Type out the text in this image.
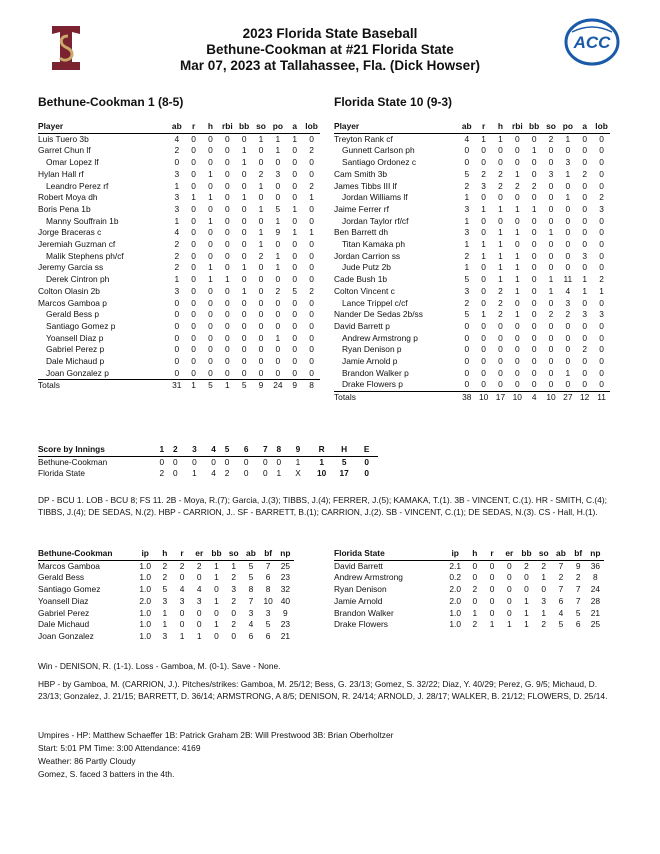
ACC
2023 Florida State Baseball
Bethune-Cookman at #21 Florida State
Mar 07, 2023 at Tallahassee, Fla. (Dick Howser)
Bethune-Cookman 1 (8-5)	Florida State 10 (9-3)
Player	ab	r	h	rbi	bb	so	po	a	lob
Luis Tuero 3b	4	0	0	0	0	1	1	1	0
Garret Chun lf	2	0	0	0	1	0	1	0	2
Omar Lopez lf	0	0	0	0	1	0	0	0	0
Hylan Hall rf	3	0	1	0	0	2	3	0	0
Leandro Perez rf	1	0	0	0	0	1	0	0	2
Robert Moya dh	3	1	1	0	1	0	0	0	1
Boris Pena 1b	3	0	0	0	0	1	5	1	0
Manny Souffrain 1b	1	0	1	0	0	0	1	0	0
Jorge Braceras c	4	0	0	0	0	1	9	1	1
Jeremiah Guzman cf	2	0	0	0	0	1	0	0	0
Malik Stephens ph/cf	2	0	0	0	0	2	1	0	0
Jeremy Garcia ss	2	0	1	0	1	0	1	0	0
Derek Cintron ph	1	0	1	1	0	0	0	0	0
Colton Olasin 2b	3	0	0	0	1	0	2	5	2
Marcos Gamboa p	0	0	0	0	0	0	0	0	0
Gerald Bess p	0	0	0	0	0	0	0	0	0
Santiago Gomez p	0	0	0	0	0	0	0	0	0
Yoansell Diaz p	0	0	0	0	0	0	1	0	0
Gabriel Perez p	0	0	0	0	0	0	0	0	0
Dale Michaud p	0	0	0	0	0	0	0	0	0
Joan Gonzalez p	0	0	0	0	0	0	0	0	0
Totals	31	1	5	1	5	9	24	9	8
Player	ab	r	h	rbi	bb	so	po	a	lob
Treyton Rank cf	4	1	1	0	0	2	1	0	0
Gunnett Carlson ph	0	0	0	0	1	0	0	0	0
Santiago Ordonez c	0	0	0	0	0	0	3	0	0
Cam Smith 3b	5	2	2	1	0	3	1	2	0
James Tibbs III lf	2	3	2	2	2	0	0	0	0
Jordan Williams lf	1	0	0	0	0	0	1	0	2
Jaime Ferrer rf	3	1	1	1	1	0	0	0	3
Jordan Taylor rf/cf	1	0	0	0	0	0	0	0	0
Ben Barrett dh	3	0	1	1	0	1	0	0	0
Titan Kamaka ph	1	1	1	0	0	0	0	0	0
Jordan Carrion ss	2	1	1	1	0	0	0	3	0
Jude Putz 2b	1	0	1	1	0	0	0	0	0
Cade Bush 1b	5	0	1	1	0	1	11	1	2
Colton Vincent c	3	0	2	1	0	1	4	1	1
Lance Trippel c/cf	2	0	2	0	0	0	3	0	0
Nander De Sedas 2b/ss	5	1	2	1	0	2	2	3	3
David Barrett p	0	0	0	0	0	0	0	0	0
Andrew Armstrong p	0	0	0	0	0	0	0	0	0
Ryan Denison p	0	0	0	0	0	0	0	2	0
Jamie Arnold p	0	0	0	0	0	0	0	0	0
Brandon Walker p	0	0	0	0	0	0	1	0	0
Drake Flowers p	0	0	0	0	0	0	0	0	0
Totals	38	10	17	10	4	10	27	12	11
Score by Innings	1	2	3	4	5	6	7	8	9	R	H	E
Bethune-Cookman	0	0	0	0	0	0	0	0	1	1	5	0
Florida State	2	0	1	4	2	0	0	1	X	10	17	0
DP - BCU 1. LOB - BCU 8; FS 11. 2B - Moya, R.(7); Garcia, J.(3); TIBBS, J.(4); FERRER, J.(5); KAMAKA, T.(1). 3B - VINCENT, C.(1). HR - SMITH, C.(4); TIBBS, J.(4); DE SEDAS, N.(2). HBP - CARRION, J.. SF - BARRETT, B.(1); CARRION, J.(2). SB - VINCENT, C.(1); DE SEDAS, N.(3). CS - Hall, H.(1).
Bethune-Cookman	ip	h	r	er	bb	so	ab	bf	np
Marcos Gamboa	1.0	2	2	2	1	1	5	7	25
Gerald Bess	1.0	2	0	0	1	2	5	6	23
Santiago Gomez	1.0	5	4	4	0	3	8	8	32
Yoansell Diaz	2.0	3	3	3	1	2	7	10	40
Gabriel Perez	1.0	1	0	0	0	0	3	3	9
Dale Michaud	1.0	1	0	0	1	2	4	5	23
Joan Gonzalez	1.0	3	1	1	0	0	6	6	21
Florida State	ip	h	r	er	bb	so	ab	bf	np
David Barrett	2.1	0	0	0	2	2	7	9	36
Andrew Armstrong	0.2	0	0	0	0	1	2	2	8
Ryan Denison	2.0	2	0	0	0	0	7	7	24
Jamie Arnold	2.0	0	0	0	1	3	6	7	28
Brandon Walker	1.0	1	0	0	1	1	4	5	21
Drake Flowers	1.0	2	1	1	1	2	5	6	25
Win - DENISON, R. (1-1). Loss - Gamboa, M. (0-1). Save - None.
HBP - by Gamboa, M. (CARRION, J.). Pitches/strikes: Gamboa, M. 25/12; Bess, G. 23/13; Gomez, S. 32/22; Diaz, Y. 40/29; Perez, G. 9/5; Michaud, D. 23/13; Gonzalez, J. 21/15; BARRETT, D. 36/14; ARMSTRONG, A 8/5; DENISON, R. 24/14; ARNOLD, J. 28/17; WALKER, B. 21/12; FLOWERS, D. 25/14.
Umpires - HP: Matthew Schaeffer 1B: Patrick Graham 2B: Will Prestwood 3B: Brian Oberholtzer
Start: 5:01 PM Time: 3:00 Attendance: 4169
Weather: 86 Partly Cloudy
Gomez, S. faced 3 batters in the 4th.
